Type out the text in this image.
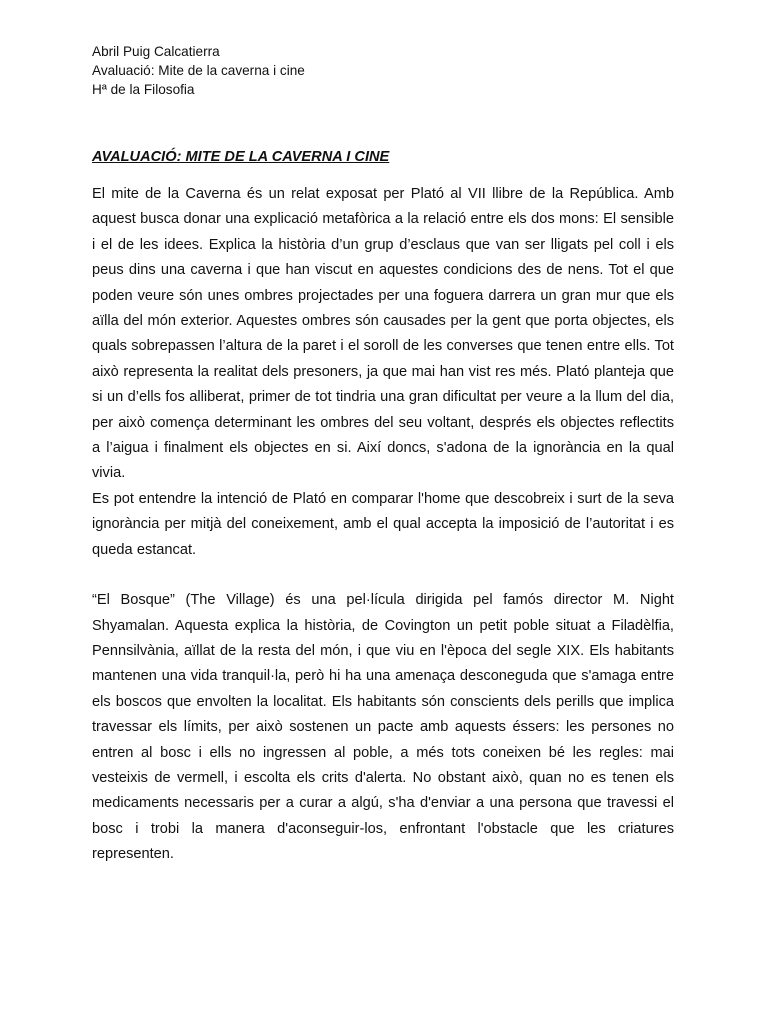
Abril Puig Calcatierra

Avaluació: Mite de la caverna i cine

Hª de la Filosofia

AVALUACIÓ: MITE DE LA CAVERNA I CINE

El mite de la Caverna és un relat exposat per Plató al VII llibre de la República. Amb aquest busca donar una explicació metafòrica a la relació entre els dos mons: El sensible i el de les idees. Explica la història d’un grup d’esclaus que van ser lligats pel coll i els peus dins una caverna i que han viscut en aquestes condicions des de nens. Tot el que poden veure són unes ombres projectades per una foguera darrera un gran mur que els aïlla del món exterior. Aquestes ombres són causades per la gent que porta objectes, els quals sobrepassen l’altura de la paret i el soroll de les converses que tenen entre ells. Tot això representa la realitat dels presoners, ja que mai han vist res més. Plató planteja que si un d’ells fos alliberat, primer de tot tindria una gran dificultat per veure a la llum del dia, per això comença determinant les ombres del seu voltant, després els objectes reflectits a l’aigua i finalment els objectes en si. Així doncs, s'adona de la ignorància en la qual vivia.

Es pot entendre la intenció de Plató en comparar l'home que descobreix i surt de la seva ignorància per mitjà del coneixement, amb el qual accepta la imposició de l’autoritat i es queda estancat.

“El Bosque” (The Village) és una pel·lícula dirigida pel famós director M. Night Shyamalan. Aquesta explica la història, de Covington un petit poble situat a Filadèlfia, Pennsilvània, aïllat de la resta del món, i que viu en l'època del segle XIX. Els habitants mantenen una vida tranquil·la, però hi ha una amenaça desconeguda que s'amaga entre els boscos que envolten la localitat. Els habitants són conscients dels perills que implica travessar els límits, per això sostenen un pacte amb aquests éssers: les persones no entren al bosc i ells no ingressen al poble, a més tots coneixen bé les regles: mai vesteixis de vermell, i escolta els crits d'alerta. No obstant això, quan no es tenen els medicaments necessaris per a curar a algú, s'ha d'enviar a una persona que travessi el bosc i trobi la manera d'aconseguir-los, enfrontant l'obstacle que les criatures representen.
